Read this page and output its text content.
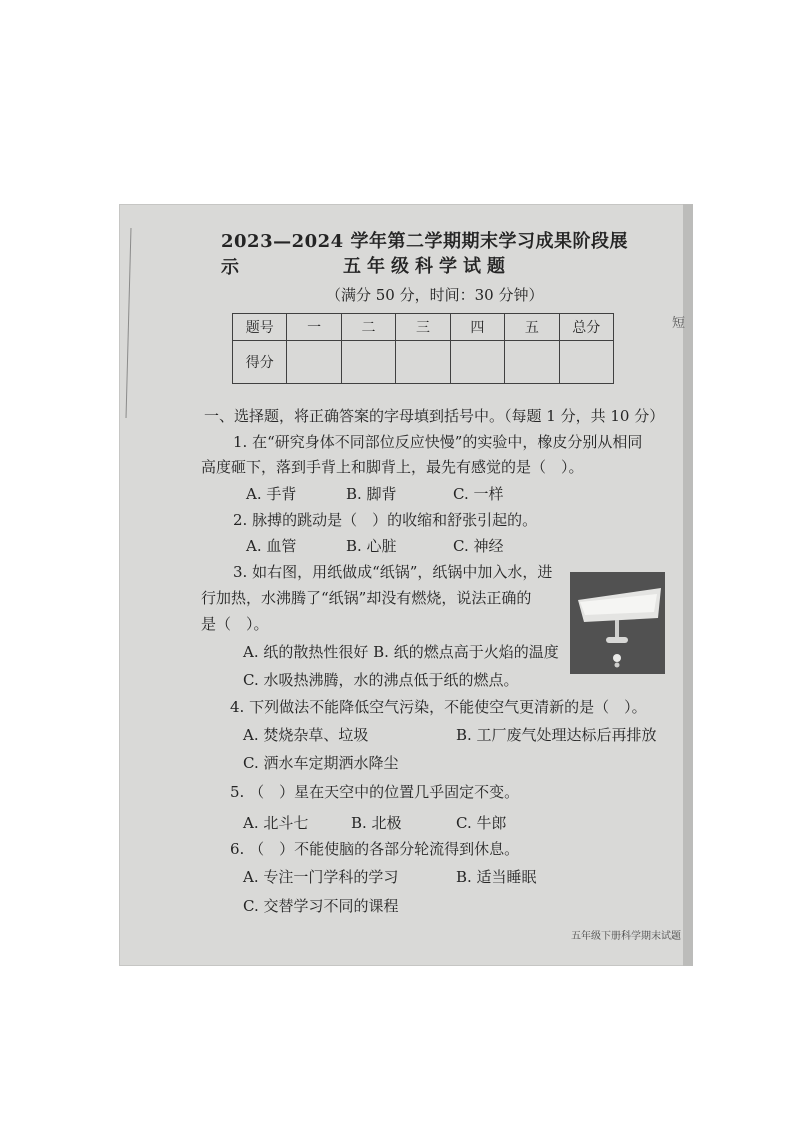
2023—2024 学年第二学期期末学习成果阶段展示	五年级科学试题
（满分 50 分，时间：30 分钟）
短
题号	一	二	三	四	五	总分
得分						
一、选择题，将正确答案的字母填到括号中。（每题 1 分，共 10 分）
1. 在“研究身体不同部位反应快慢”的实验中，橡皮分别从相同
高度砸下，落到手背上和脚背上，最先有感觉的是（　）。
A. 手背	B. 脚背	C. 一样
2. 脉搏的跳动是（　）的收缩和舒张引起的。
A. 血管	B. 心脏	C. 神经
3. 如右图，用纸做成“纸锅”，纸锅中加入水，进
行加热，水沸腾了“纸锅”却没有燃烧，说法正确的
是（　）。
A. 纸的散热性很好 B. 纸的燃点高于火焰的温度
C. 水吸热沸腾，水的沸点低于纸的燃点。
4. 下列做法不能降低空气污染，不能使空气更清新的是（　）。
A. 焚烧杂草、垃圾	B. 工厂废气处理达标后再排放
C. 洒水车定期洒水降尘
5. （　）星在天空中的位置几乎固定不变。
A. 北斗七	B. 北极	C. 牛郎
6. （　）不能使脑的各部分轮流得到休息。
A. 专注一门学科的学习	B. 适当睡眠
C. 交替学习不同的课程
五年级下册科学期末试题
